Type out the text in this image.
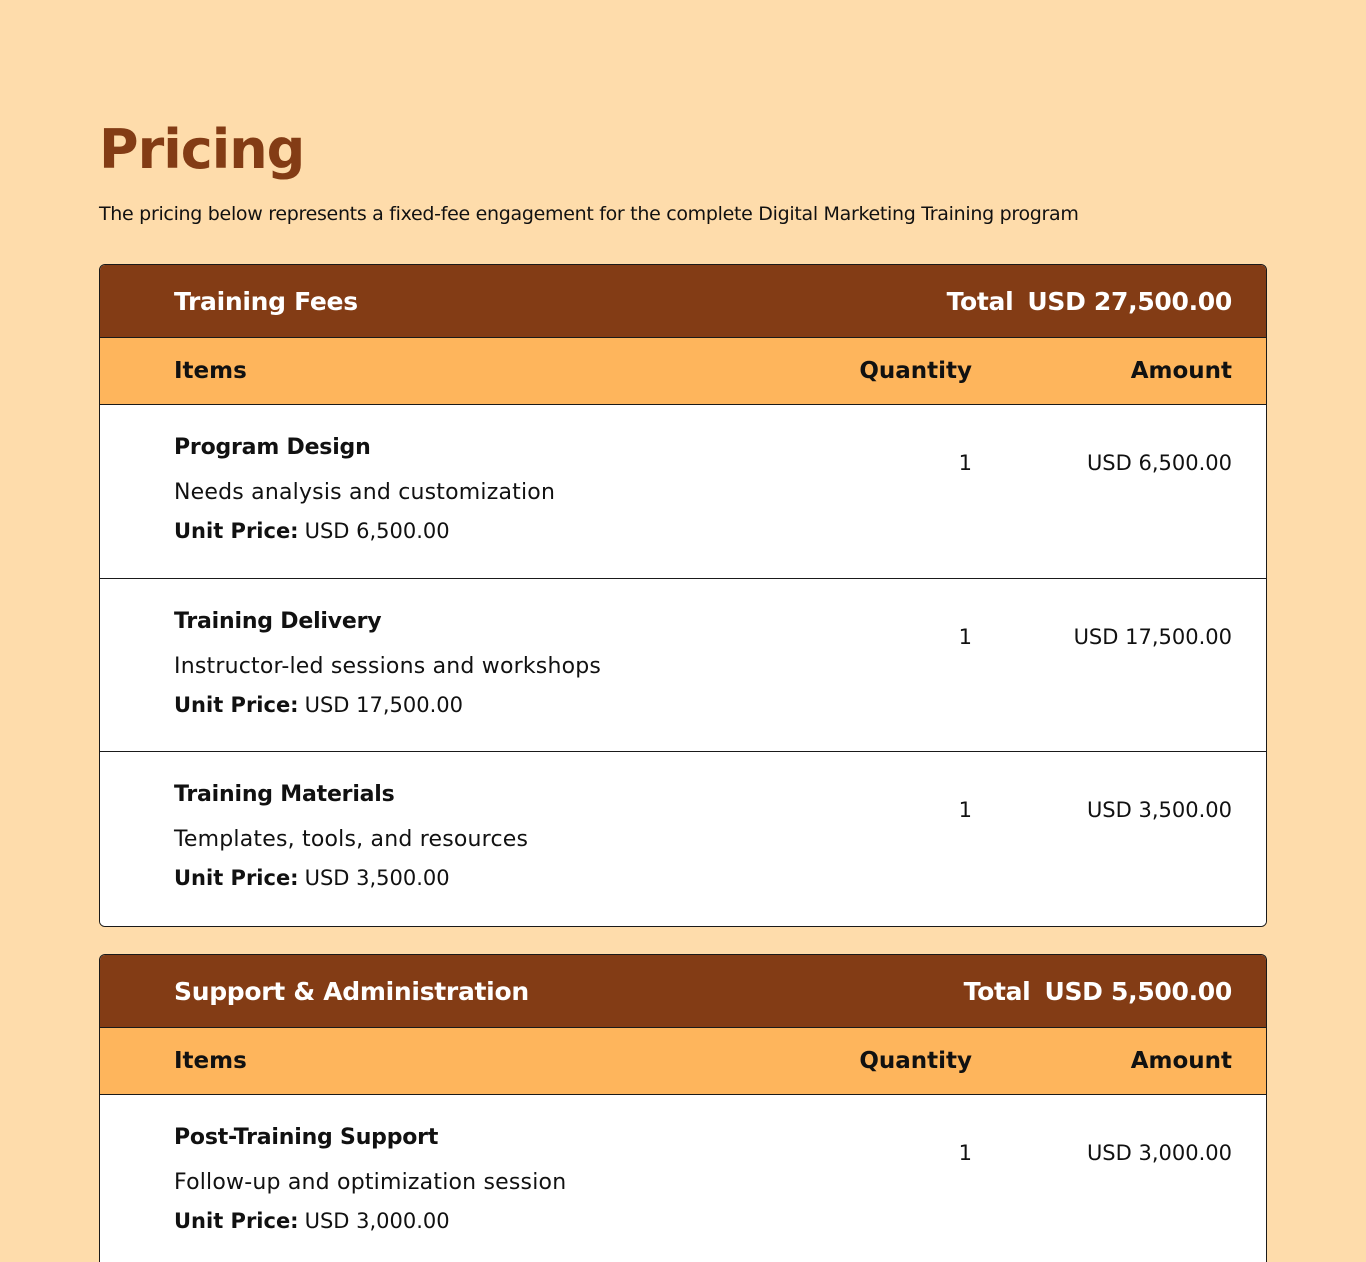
Pricing

The pricing below represents a fixed-fee engagement for the complete Digital Marketing Training program

Training Fees	Total USD 27,500.00
Items	Quantity	Amount
Program Design
Needs analysis and customization
Unit Price: USD 6,500.00
1	USD 6,500.00
Training Delivery
Instructor-led sessions and workshops
Unit Price: USD 17,500.00
1	USD 17,500.00
Training Materials
Templates, tools, and resources
Unit Price: USD 3,500.00
1	USD 3,500.00
Support & Administration	Total USD 5,500.00
Items	Quantity	Amount
Post-Training Support
Follow-up and optimization session
Unit Price: USD 3,000.00
1	USD 3,000.00
